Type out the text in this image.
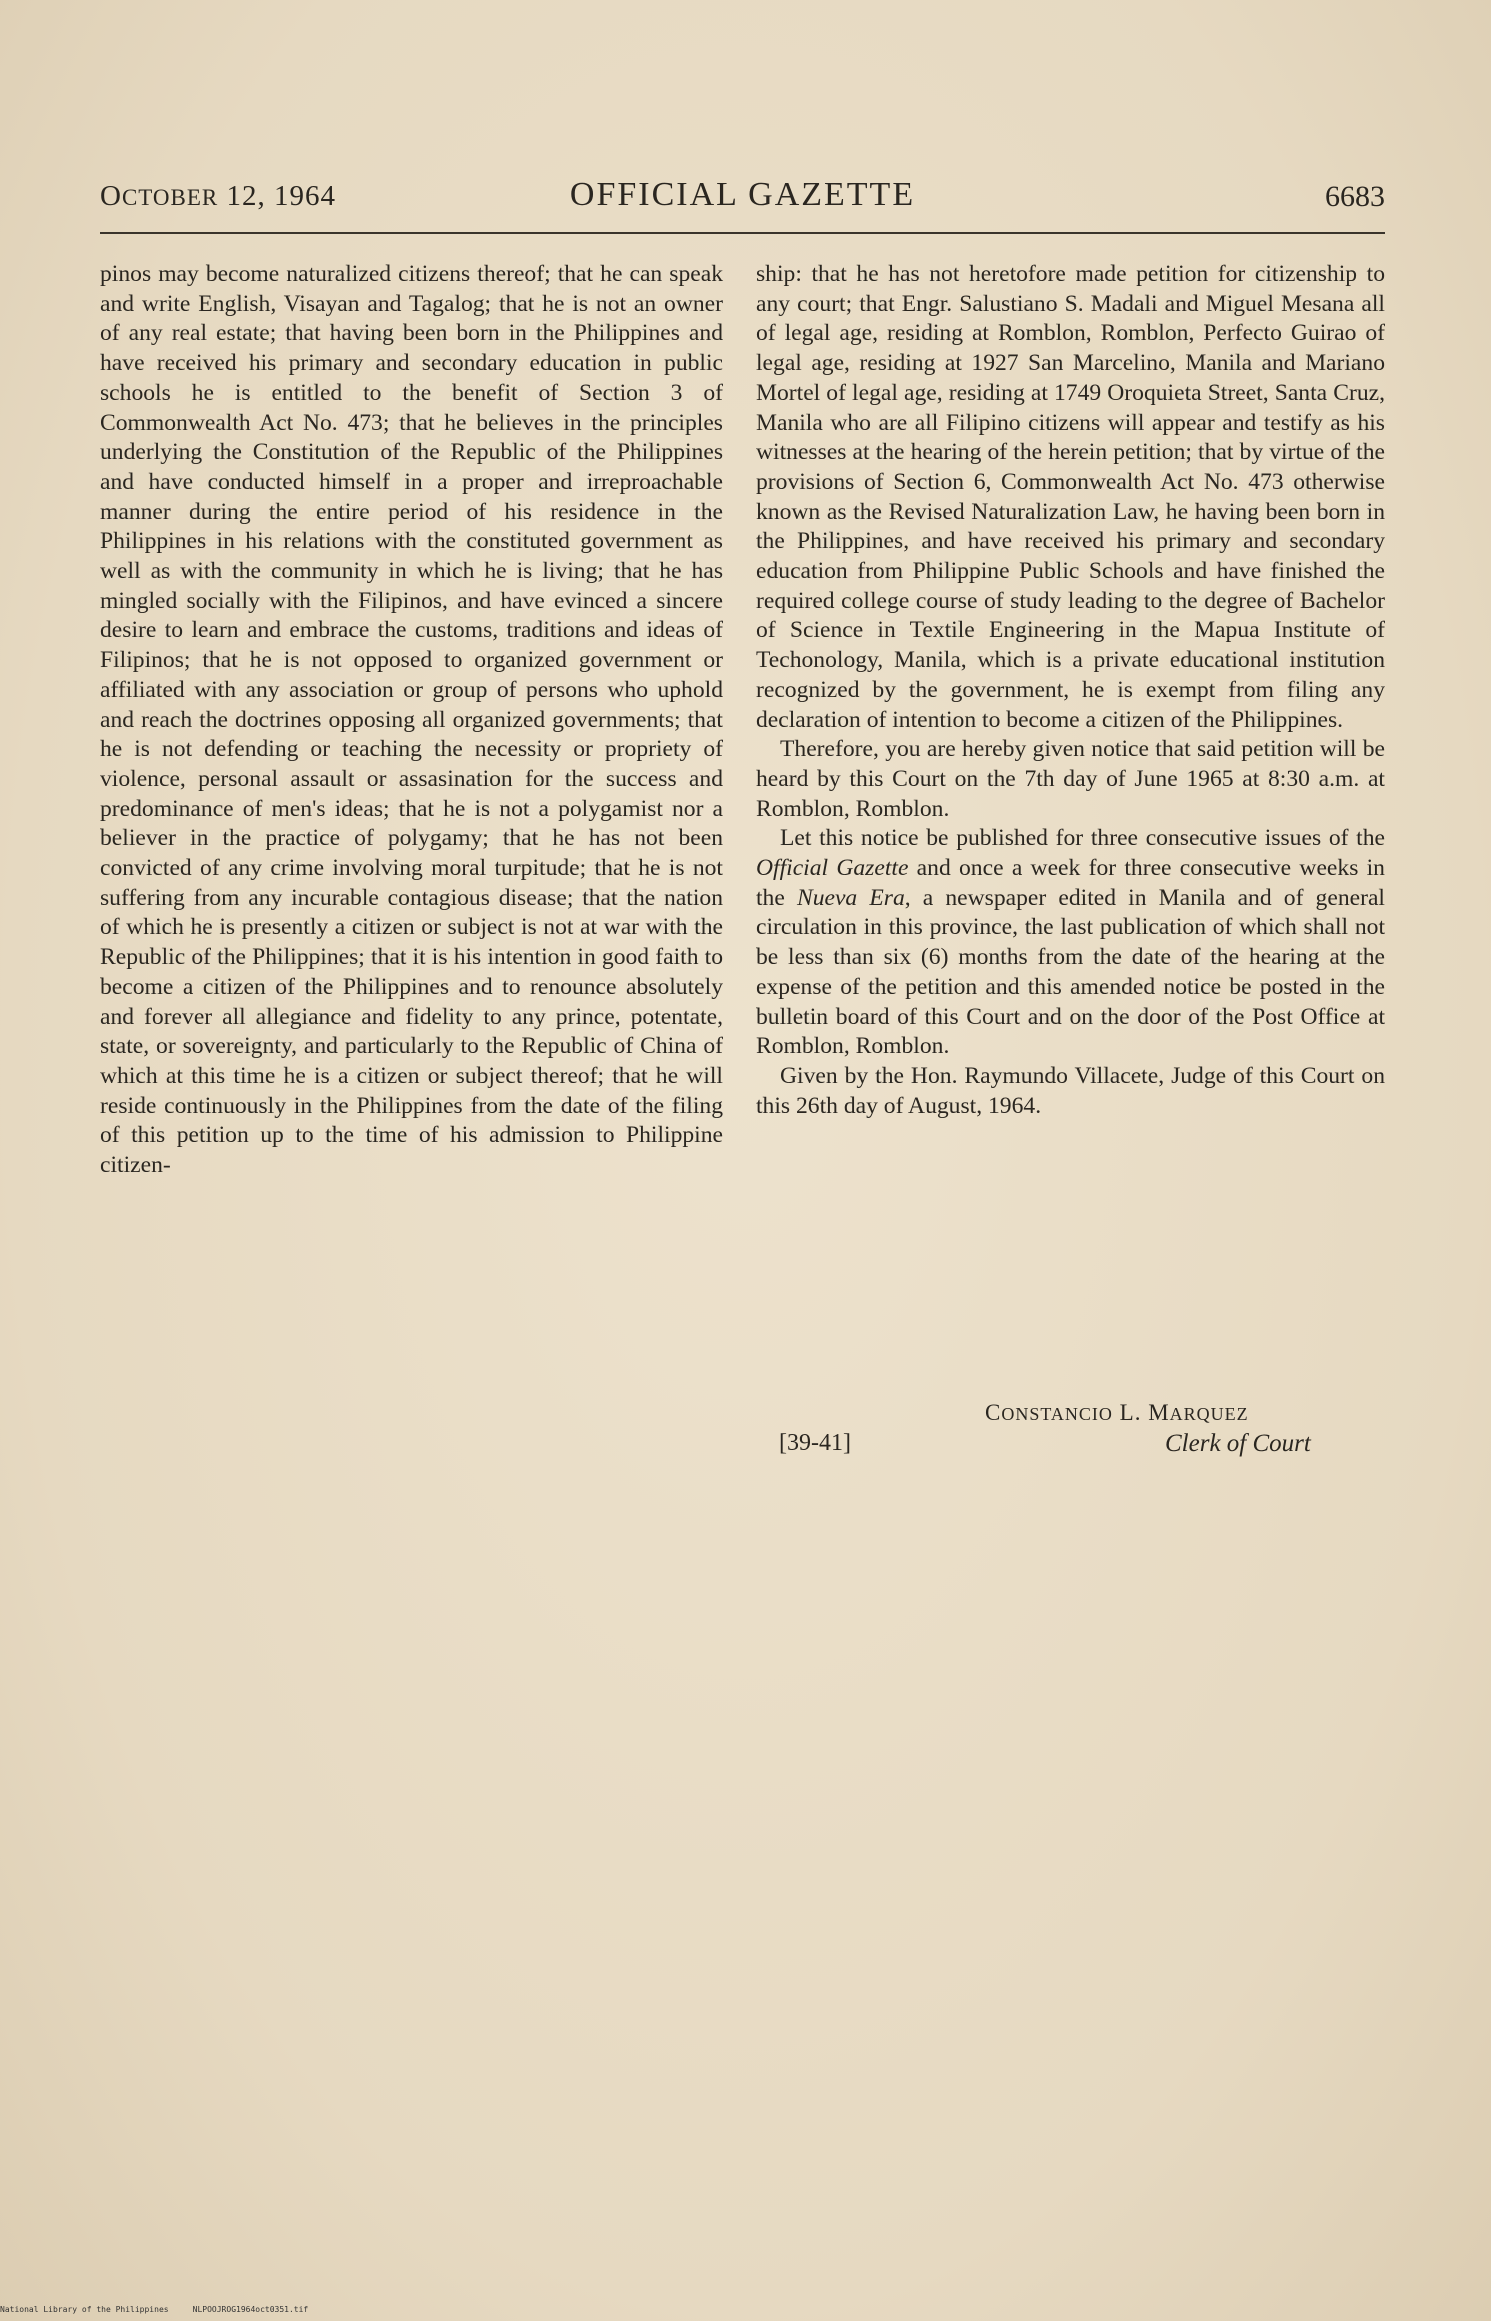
OCTOBER 12, 1964	OFFICIAL GAZETTE	6683

pinos may become naturalized citizens thereof; that he can speak and write English, Visayan and Tagalog; that he is not an owner of any real estate; that having been born in the Philippines and have received his primary and secondary education in public schools he is entitled to the benefit of Section 3 of Commonwealth Act No. 473; that he believes in the principles underlying the Constitution of the Republic of the Philippines and have conducted himself in a proper and irreproachable manner during the entire period of his residence in the Philippines in his relations with the constituted government as well as with the community in which he is living; that he has mingled socially with the Filipinos, and have evinced a sincere desire to learn and embrace the customs, traditions and ideas of Filipinos; that he is not opposed to organized government or affiliated with any association or group of persons who uphold and reach the doctrines opposing all organized governments; that he is not defending or teaching the necessity or propriety of violence, personal assault or assasination for the success and predominance of men's ideas; that he is not a polygamist nor a believer in the practice of polygamy; that he has not been convicted of any crime involving moral turpitude; that he is not suffering from any incurable contagious disease; that the nation of which he is presently a citizen or subject is not at war with the Republic of the Philippines; that it is his intention in good faith to become a citizen of the Philippines and to renounce absolutely and forever all allegiance and fidelity to any prince, potentate, state, or sovereignty, and particularly to the Republic of China of which at this time he is a citizen or subject thereof; that he will reside continuously in the Philippines from the date of the filing of this petition up to the time of his admission to Philippine citizen-

ship: that he has not heretofore made petition for citizenship to any court; that Engr. Salustiano S. Madali and Miguel Mesana all of legal age, residing at Romblon, Romblon, Perfecto Guirao of legal age, residing at 1927 San Marcelino, Manila and Mariano Mortel of legal age, residing at 1749 Oroquieta Street, Santa Cruz, Manila who are all Filipino citizens will appear and testify as his witnesses at the hearing of the herein petition; that by virtue of the provisions of Section 6, Commonwealth Act No. 473 otherwise known as the Revised Naturalization Law, he having been born in the Philippines, and have received his primary and secondary education from Philippine Public Schools and have finished the required college course of study leading to the degree of Bachelor of Science in Textile Engineering in the Mapua Institute of Techonology, Manila, which is a private educational institution recognized by the government, he is exempt from filing any declaration of intention to become a citizen of the Philippines.

Therefore, you are hereby given notice that said petition will be heard by this Court on the 7th day of June 1965 at 8:30 a.m. at Romblon, Romblon.

Let this notice be published for three consecutive issues of the Official Gazette and once a week for three consecutive weeks in the Nueva Era, a newspaper edited in Manila and of general circulation in this province, the last publication of which shall not be less than six (6) months from the date of the hearing at the expense of the petition and this amended notice be posted in the bulletin board of this Court and on the door of the Post Office at Romblon, Romblon.

Given by the Hon. Raymundo Villacete, Judge of this Court on this 26th day of August, 1964.

CONSTANCIO L. MARQUEZ
[39-41]	Clerk of Court
National Library of the Philippines     NLPOOJROG1964oct0351.tif
